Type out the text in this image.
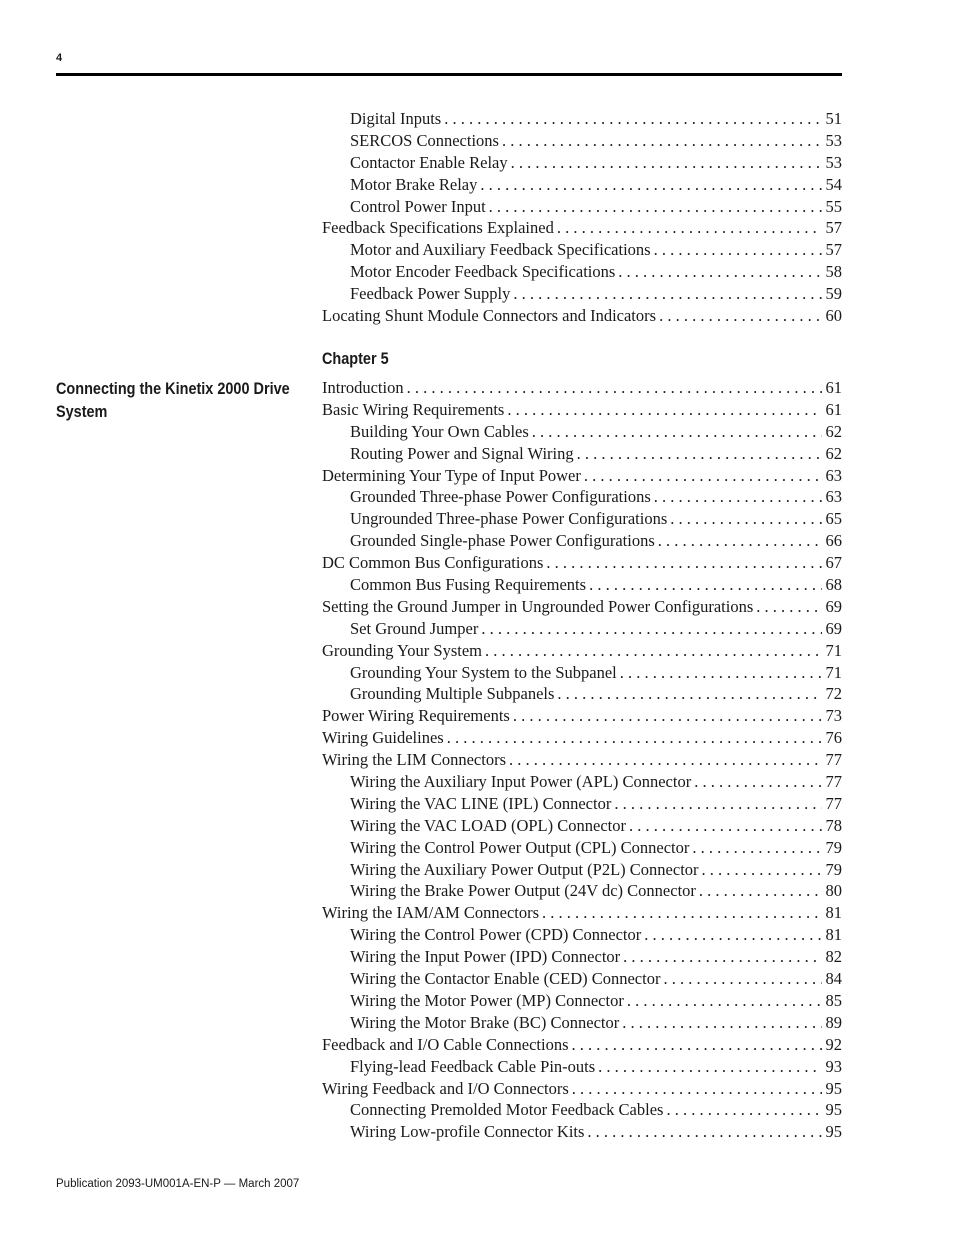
4
Digital Inputs . . .	51
SERCOS Connections . . .	53
Contactor Enable Relay . . .	53
Motor Brake Relay . . .	54
Control Power Input . . .	55
Feedback Specifications Explained . . .	57
Motor and Auxiliary Feedback Specifications . . .	57
Motor Encoder Feedback Specifications . . .	58
Feedback Power Supply . . .	59
Locating Shunt Module Connectors and Indicators . . .	60
Chapter 5
Connecting the Kinetix 2000 Drive System
Introduction . . .	61
Basic Wiring Requirements . . .	61
Building Your Own Cables . . .	62
Routing Power and Signal Wiring . . .	62
Determining Your Type of Input Power . . .	63
Grounded Three-phase Power Configurations . . .	63
Ungrounded Three-phase Power Configurations . . .	65
Grounded Single-phase Power Configurations . . .	66
DC Common Bus Configurations . . .	67
Common Bus Fusing Requirements . . .	68
Setting the Ground Jumper in Ungrounded Power Configurations . . .	69
Set Ground Jumper . . .	69
Grounding Your System . . .	71
Grounding Your System to the Subpanel . . .	71
Grounding Multiple Subpanels . . .	72
Power Wiring Requirements . . .	73
Wiring Guidelines . . .	76
Wiring the LIM Connectors . . .	77
Wiring the Auxiliary Input Power (APL) Connector . . .	77
Wiring the VAC LINE (IPL) Connector . . .	77
Wiring the VAC LOAD (OPL) Connector . . .	78
Wiring the Control Power Output (CPL) Connector . . .	79
Wiring the Auxiliary Power Output (P2L) Connector . . .	79
Wiring the Brake Power Output (24V dc) Connector . . .	80
Wiring the IAM/AM Connectors . . .	81
Wiring the Control Power (CPD) Connector . . .	81
Wiring the Input Power (IPD) Connector . . .	82
Wiring the Contactor Enable (CED) Connector . . .	84
Wiring the Motor Power (MP) Connector . . .	85
Wiring the Motor Brake (BC) Connector . . .	89
Feedback and I/O Cable Connections . . .	92
Flying-lead Feedback Cable Pin-outs . . .	93
Wiring Feedback and I/O Connectors . . .	95
Connecting Premolded Motor Feedback Cables . . .	95
Wiring Low-profile Connector Kits . . .	95
Publication 2093-UM001A-EN-P — March 2007
